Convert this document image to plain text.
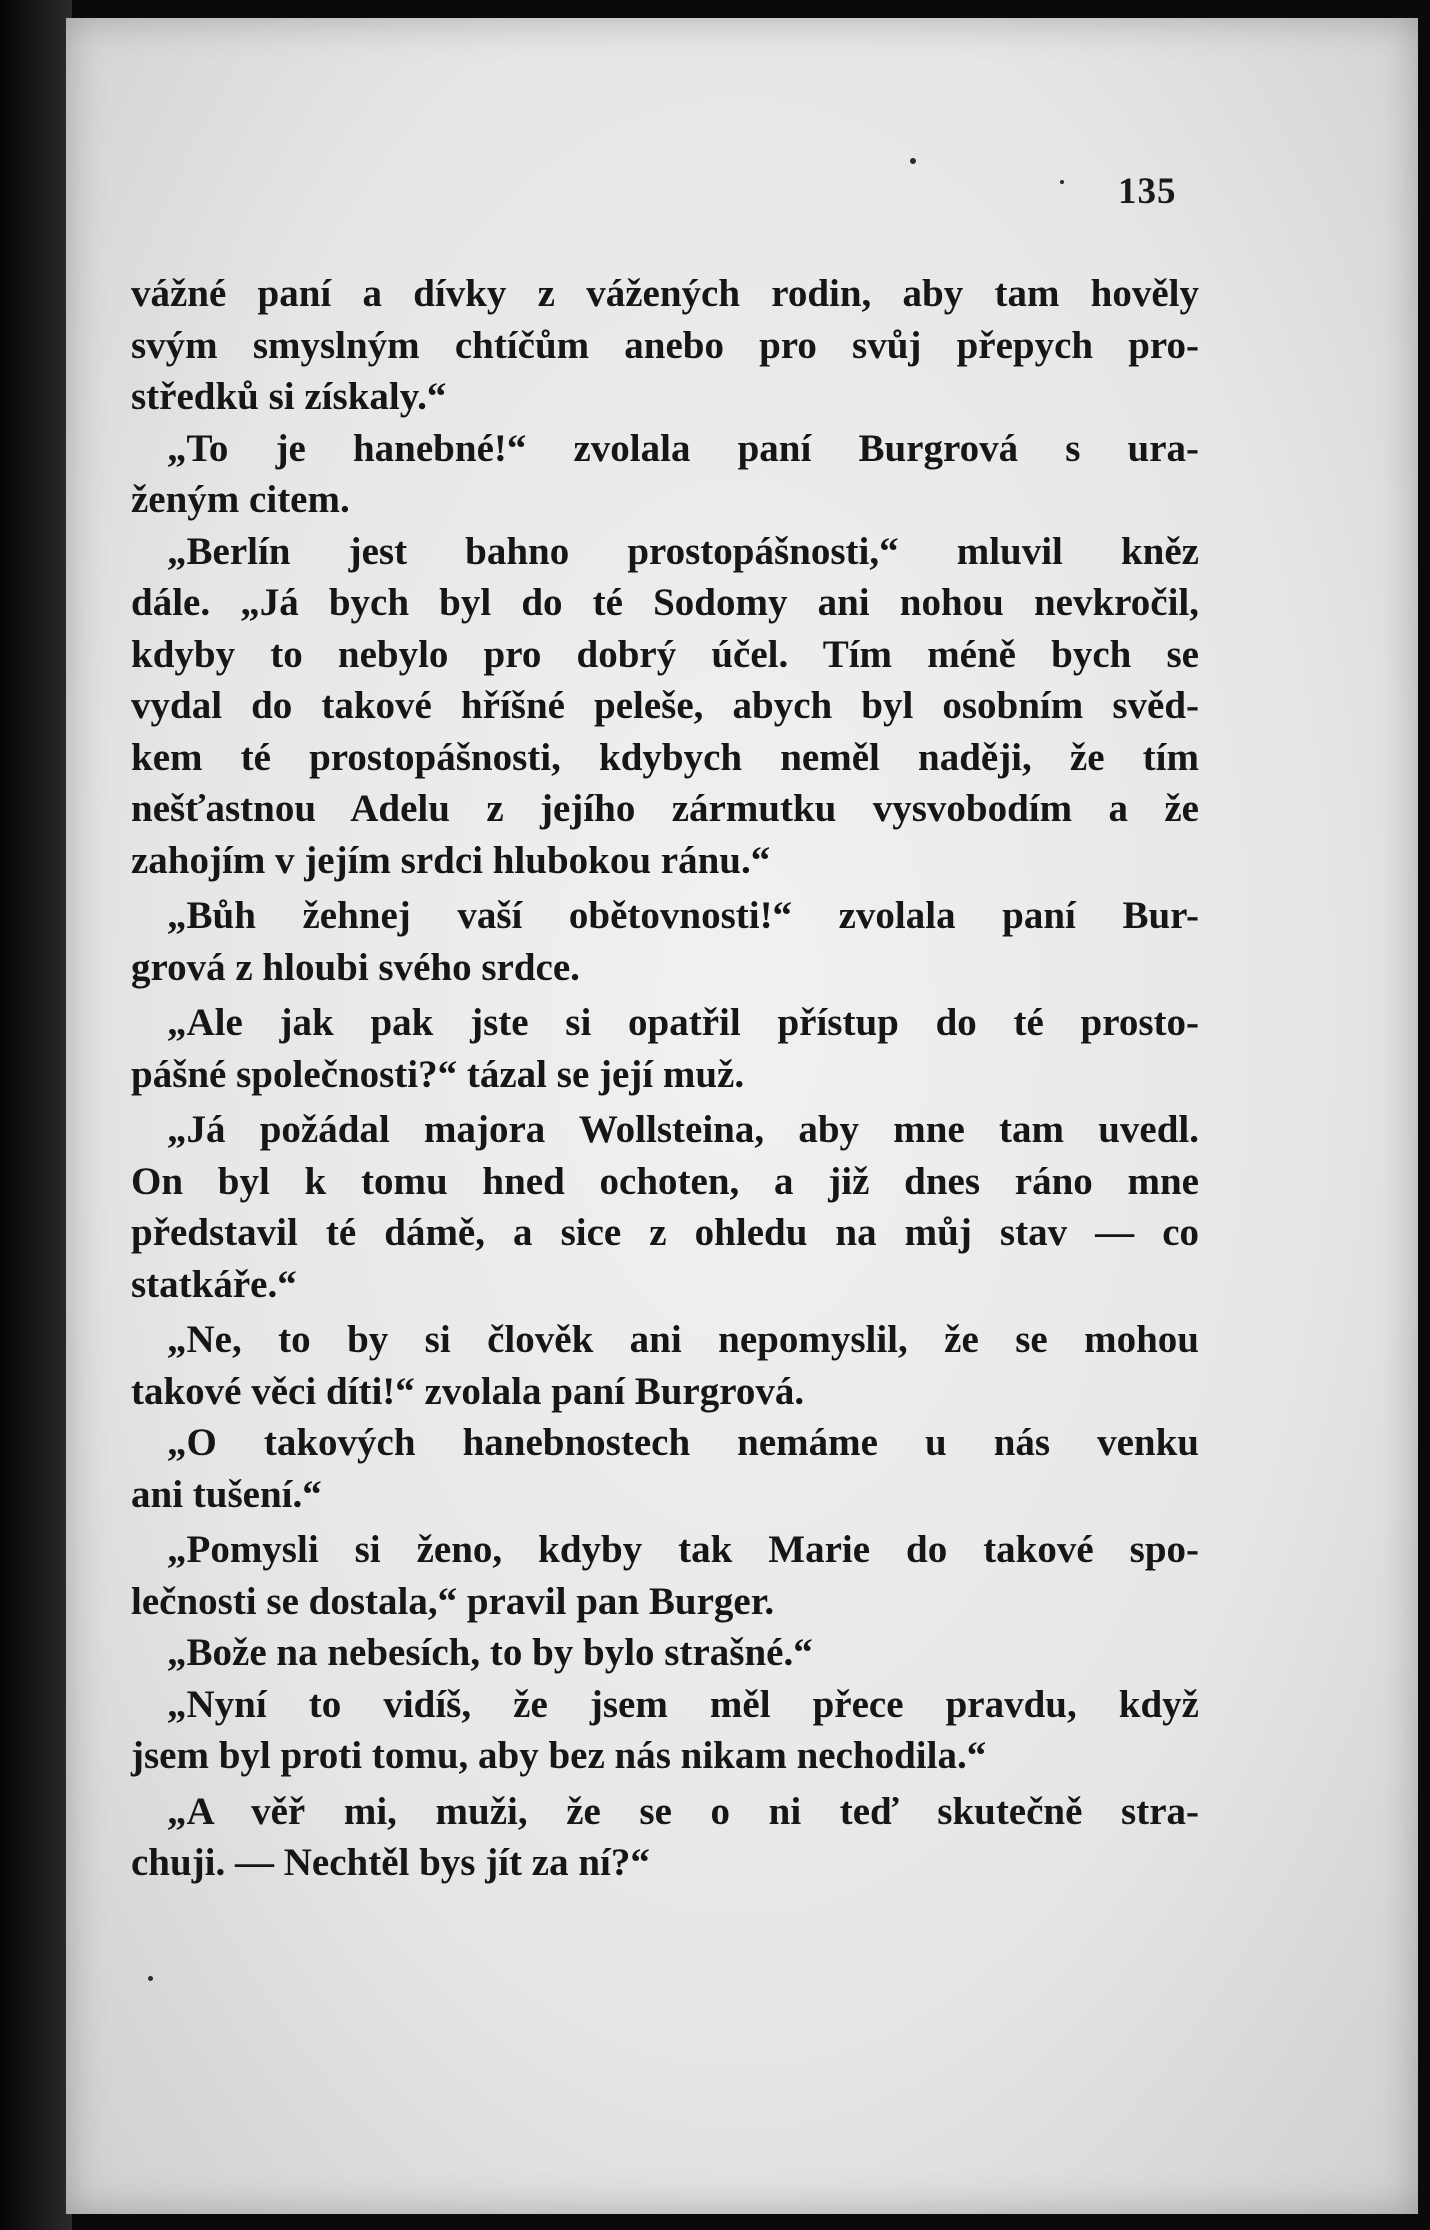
135
vážné paní a dívky z vážených rodin, aby tam hověly
svým smyslným chtíčům anebo pro svůj přepych pro-
středků si získaly.“
„To je hanebné!“ zvolala paní Burgrová s ura-
ženým citem.
„Berlín jest bahno prostopášnosti,“ mluvil kněz
dále. „Já bych byl do té Sodomy ani nohou nevkročil,
kdyby to nebylo pro dobrý účel. Tím méně bych se
vydal do takové hříšné peleše, abych byl osobním svěd-
kem té prostopášnosti, kdybych neměl naději, že tím
nešťastnou Adelu z jejího zármutku vysvobodím a že
zahojím v jejím srdci hlubokou ránu.“
„Bůh žehnej vaší obětovnosti!“ zvolala paní Bur-
grová z hloubi svého srdce.
„Ale jak pak jste si opatřil přístup do té prosto-
pášné společnosti?“ tázal se její muž.
„Já požádal majora Wollsteina, aby mne tam uvedl.
On byl k tomu hned ochoten, a již dnes ráno mne
představil té dámě, a sice z ohledu na můj stav — co
statkáře.“
„Ne, to by si člověk ani nepomyslil, že se mohou
takové věci díti!“ zvolala paní Burgrová.
„O takových hanebnostech nemáme u nás venku
ani tušení.“
„Pomysli si ženo, kdyby tak Marie do takové spo-
lečnosti se dostala,“ pravil pan Burger.
„Bože na nebesích, to by bylo strašné.“
„Nyní to vidíš, že jsem měl přece pravdu, když
jsem byl proti tomu, aby bez nás nikam nechodila.“
„A věř mi, muži, že se o ni teď skutečně stra-
chuji. — Nechtěl bys jít za ní?“
